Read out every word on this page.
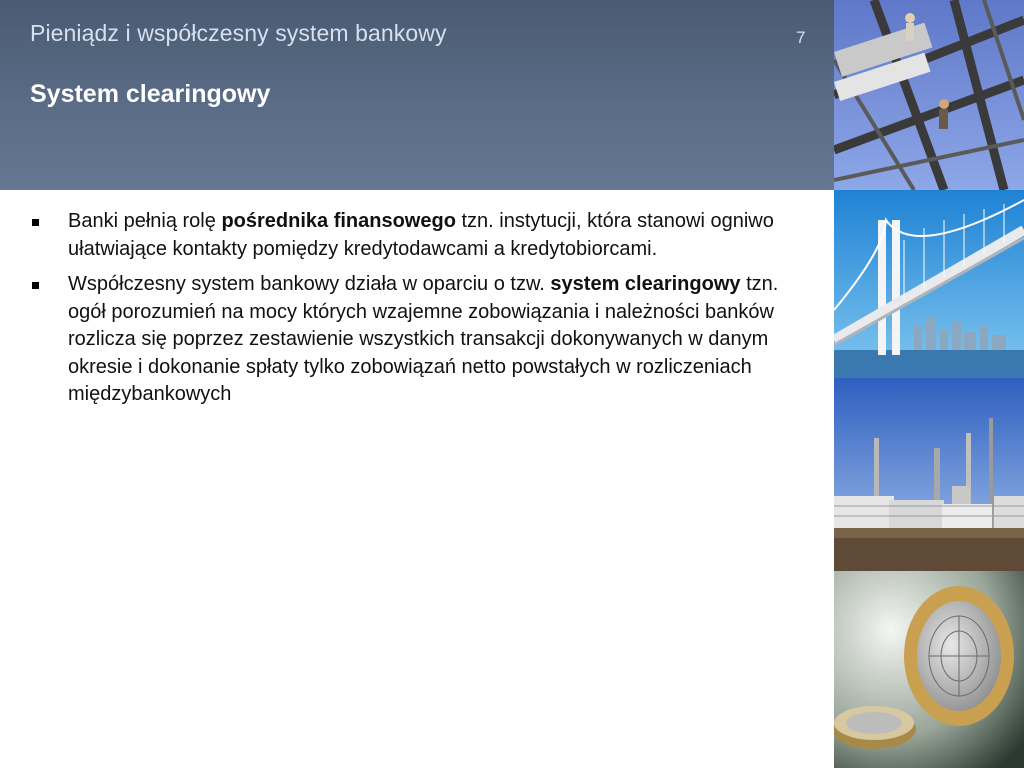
Pieniądz i współczesny system bankowy	7
System clearingowy
Banki pełnią rolę pośrednika finansowego tzn. instytucji, która stanowi ogniwo ułatwiające kontakty pomiędzy kredytodawcami a kredytobiorcami.
Współczesny system bankowy działa w oparciu o tzw. system clearingowy tzn. ogół porozumień na mocy których wzajemne zobowiązania i należności banków rozlicza się poprzez zestawienie wszystkich transakcji dokonywanych w danym okresie i dokonanie spłaty tylko zobowiązań netto powstałych w rozliczeniach międzybankowych
